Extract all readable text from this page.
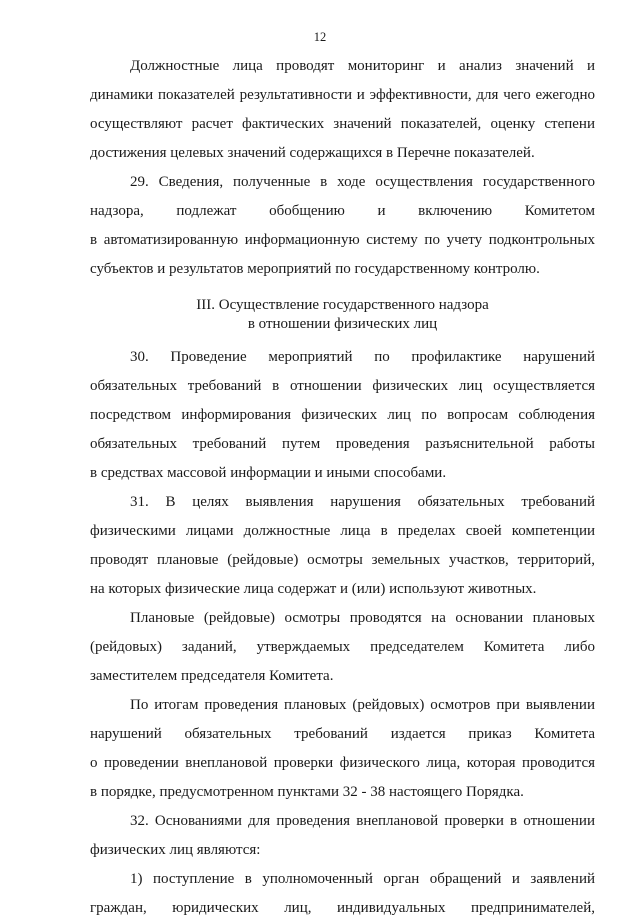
12
Должностные лица проводят мониторинг и анализ значений и
динамики показателей результативности и эффективности, для чего ежегодно
осуществляют расчет фактических значений показателей, оценку степени
достижения целевых значений содержащихся в Перечне показателей.
29. Сведения, полученные в ходе осуществления государственного
надзора, подлежат обобщению и включению Комитетом
в автоматизированную информационную систему по учету подконтрольных
субъектов и результатов мероприятий по государственному контролю.
III. Осуществление государственного надзора
в отношении физических лиц
30. Проведение мероприятий по профилактике нарушений
обязательных требований в отношении физических лиц осуществляется
посредством информирования физических лиц по вопросам соблюдения
обязательных требований путем проведения разъяснительной работы
в средствах массовой информации и иными способами.
31. В целях выявления нарушения обязательных требований
физическими лицами должностные лица в пределах своей компетенции
проводят плановые (рейдовые) осмотры земельных участков, территорий,
на которых физические лица содержат и (или) используют животных.
Плановые (рейдовые) осмотры проводятся на основании плановых
(рейдовых) заданий, утверждаемых председателем Комитета либо
заместителем председателя Комитета.
По итогам проведения плановых (рейдовых) осмотров при выявлении
нарушений обязательных требований издается приказ Комитета
о проведении внеплановой проверки физического лица, которая проводится
в порядке, предусмотренном пунктами 32 - 38 настоящего Порядка.
32. Основаниями для проведения внеплановой проверки в отношении
физических лиц являются:
1) поступление в уполномоченный орган обращений и заявлений
граждан, юридических лиц, индивидуальных предпринимателей,
